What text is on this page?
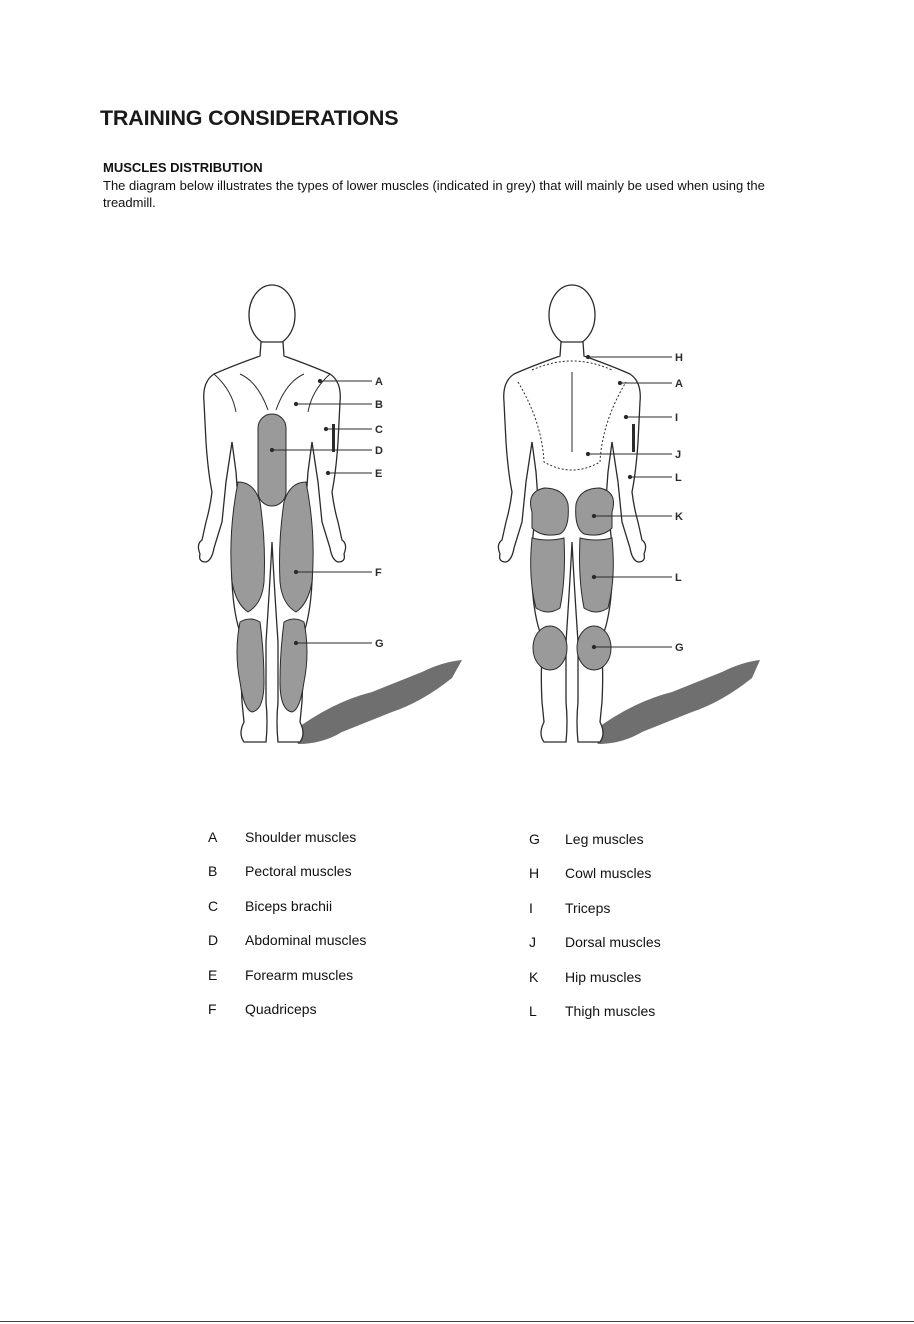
TRAINING CONSIDERATIONS
MUSCLES DISTRIBUTION

The diagram below illustrates the types of lower muscles (indicated in grey) that will mainly be used when using the treadmill.

A
B
C
D
E
F
G
H
A
I
J
L
K
L
G
A	Shoulder muscles
B	Pectoral muscles
C	Biceps brachii
D	Abdominal muscles
E	Forearm muscles
F	Quadriceps
G	Leg muscles
H	Cowl muscles
I	Triceps
J	Dorsal muscles
K	Hip muscles
L	Thigh muscles
